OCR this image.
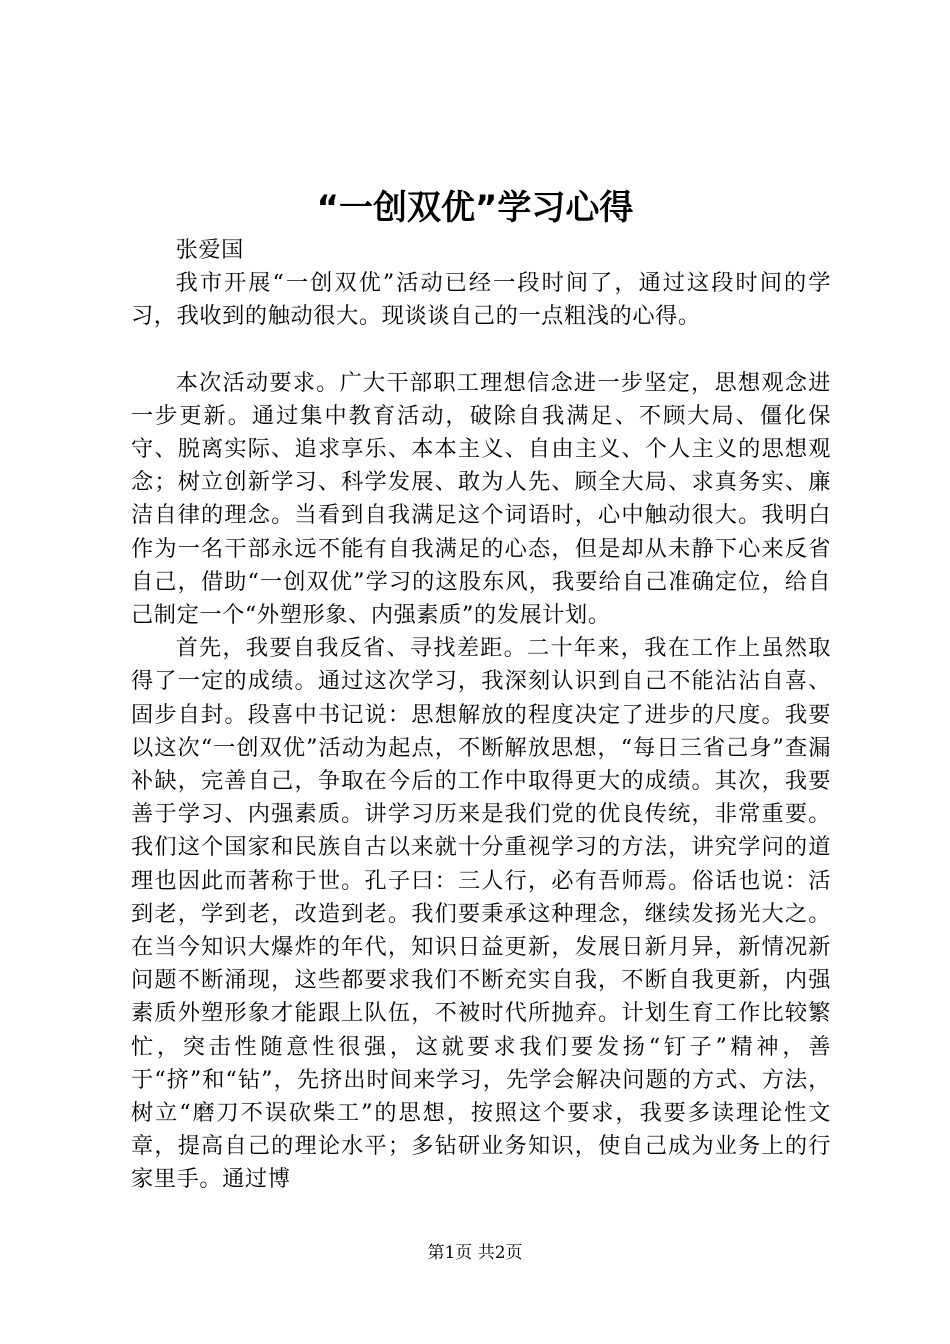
“一创双优”学习心得

张爱国

我市开展“一创双优”活动已经一段时间了，通过这段时间的学习，我收到的触动很大。现谈谈自己的一点粗浅的心得。

本次活动要求。广大干部职工理想信念进一步坚定，思想观念进一步更新。通过集中教育活动，破除自我满足、不顾大局、僵化保守、脱离实际、追求享乐、本本主义、自由主义、个人主义的思想观念；树立创新学习、科学发展、敢为人先、顾全大局、求真务实、廉洁自律的理念。当看到自我满足这个词语时，心中触动很大。我明白作为一名干部永远不能有自我满足的心态，但是却从未静下心来反省自己，借助“一创双优”学习的这股东风，我要给自己准确定位，给自己制定一个“外塑形象、内强素质”的发展计划。

首先，我要自我反省、寻找差距。二十年来，我在工作上虽然取得了一定的成绩。通过这次学习，我深刻认识到自己不能沾沾自喜、固步自封。段喜中书记说：思想解放的程度决定了进步的尺度。我要以这次“一创双优”活动为起点，不断解放思想，“每日三省己身”查漏补缺，完善自己，争取在今后的工作中取得更大的成绩。其次，我要善于学习、内强素质。讲学习历来是我们党的优良传统，非常重要。我们这个国家和民族自古以来就十分重视学习的方法，讲究学问的道理也因此而著称于世。孔子曰：三人行，必有吾师焉。俗话也说：活到老，学到老，改造到老。我们要秉承这种理念，继续发扬光大之。在当今知识大爆炸的年代，知识日益更新，发展日新月异，新情况新问题不断涌现，这些都要求我们不断充实自我，不断自我更新，内强素质外塑形象才能跟上队伍，不被时代所抛弃。计划生育工作比较繁忙，突击性随意性很强，这就要求我们要发扬“钉子”精神，善于“挤”和“钻”，先挤出时间来学习，先学会解决问题的方式、方法，树立“磨刀不误砍柴工”的思想，按照这个要求，我要多读理论性文章，提高自己的理论水平；多钻研业务知识，使自己成为业务上的行家里手。通过博

第1页 共2页
